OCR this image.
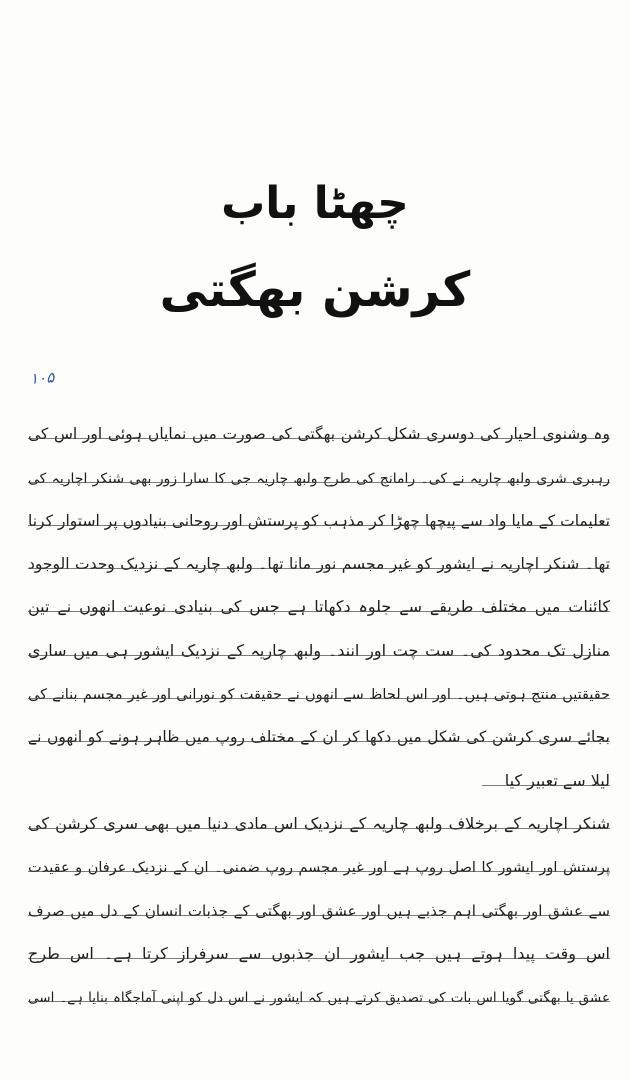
چھٹا باب
کرشن بھگتی
۱۰۵
وہ وشنوی احیار کی دوسری شکل کرشن بھگتی کی صورت میں نمایاں ہوئی اور اس کی
رہبری شری ولبھ چاریہ نے کی۔ رامانج کی طرح ولبھ چاریہ جی کا سارا زور بھی شنکر اچاریہ کی
تعلیمات کے مایا واد سے پیچھا چھڑا کر مذہب کو پرستش اور روحانی بنیادوں پر استوار کرنا
تھا۔ شنکر اچاریہ نے ایشور کو غیر مجسم نور مانا تھا۔ ولبھ چاریہ کے نزدیک وحدت الوجود
کائنات میں مختلف طریقے سے جلوہ دکھاتا ہے جس کی بنیادی نوعیت انھوں نے تین
منازل تک محدود کی۔ ست چت اور انند۔ ولبھ چاریہ کے نزدیک ایشور ہی میں ساری
حقیقتیں منتج ہوتی ہیں۔ اور اس لحاظ سے انھوں نے حقیقت کو نورانی اور غیر مجسم بنانے کی
بجائے سری کرشن کی شکل میں دکھا کر ان کے مختلف روپ میں ظاہر ہونے کو انھوں نے
لیلا سے تعبیر کیا
شنکر اچاریہ کے برخلاف ولبھ چاریہ کے نزدیک اس مادی دنیا میں بھی سری کرشن کی
پرستش اور ایشور کا اصل روپ ہے اور غیر مجسم روپ ضمنی۔ ان کے نزدیک عرفان و عقیدت
سے عشق اور بھگتی اہم جذبے ہیں اور عشق اور بھگتی کے جذبات انسان کے دل میں صرف
اس وقت پیدا ہوتے ہیں جب ایشور ان جذبوں سے سرفراز کرتا ہے۔ اس طرح
عشق یا بھگتی گویا اس بات کی تصدیق کرتے ہیں کہ ایشور نے اس دل کو اپنی آماجگاہ بنایا ہے۔ اسی
